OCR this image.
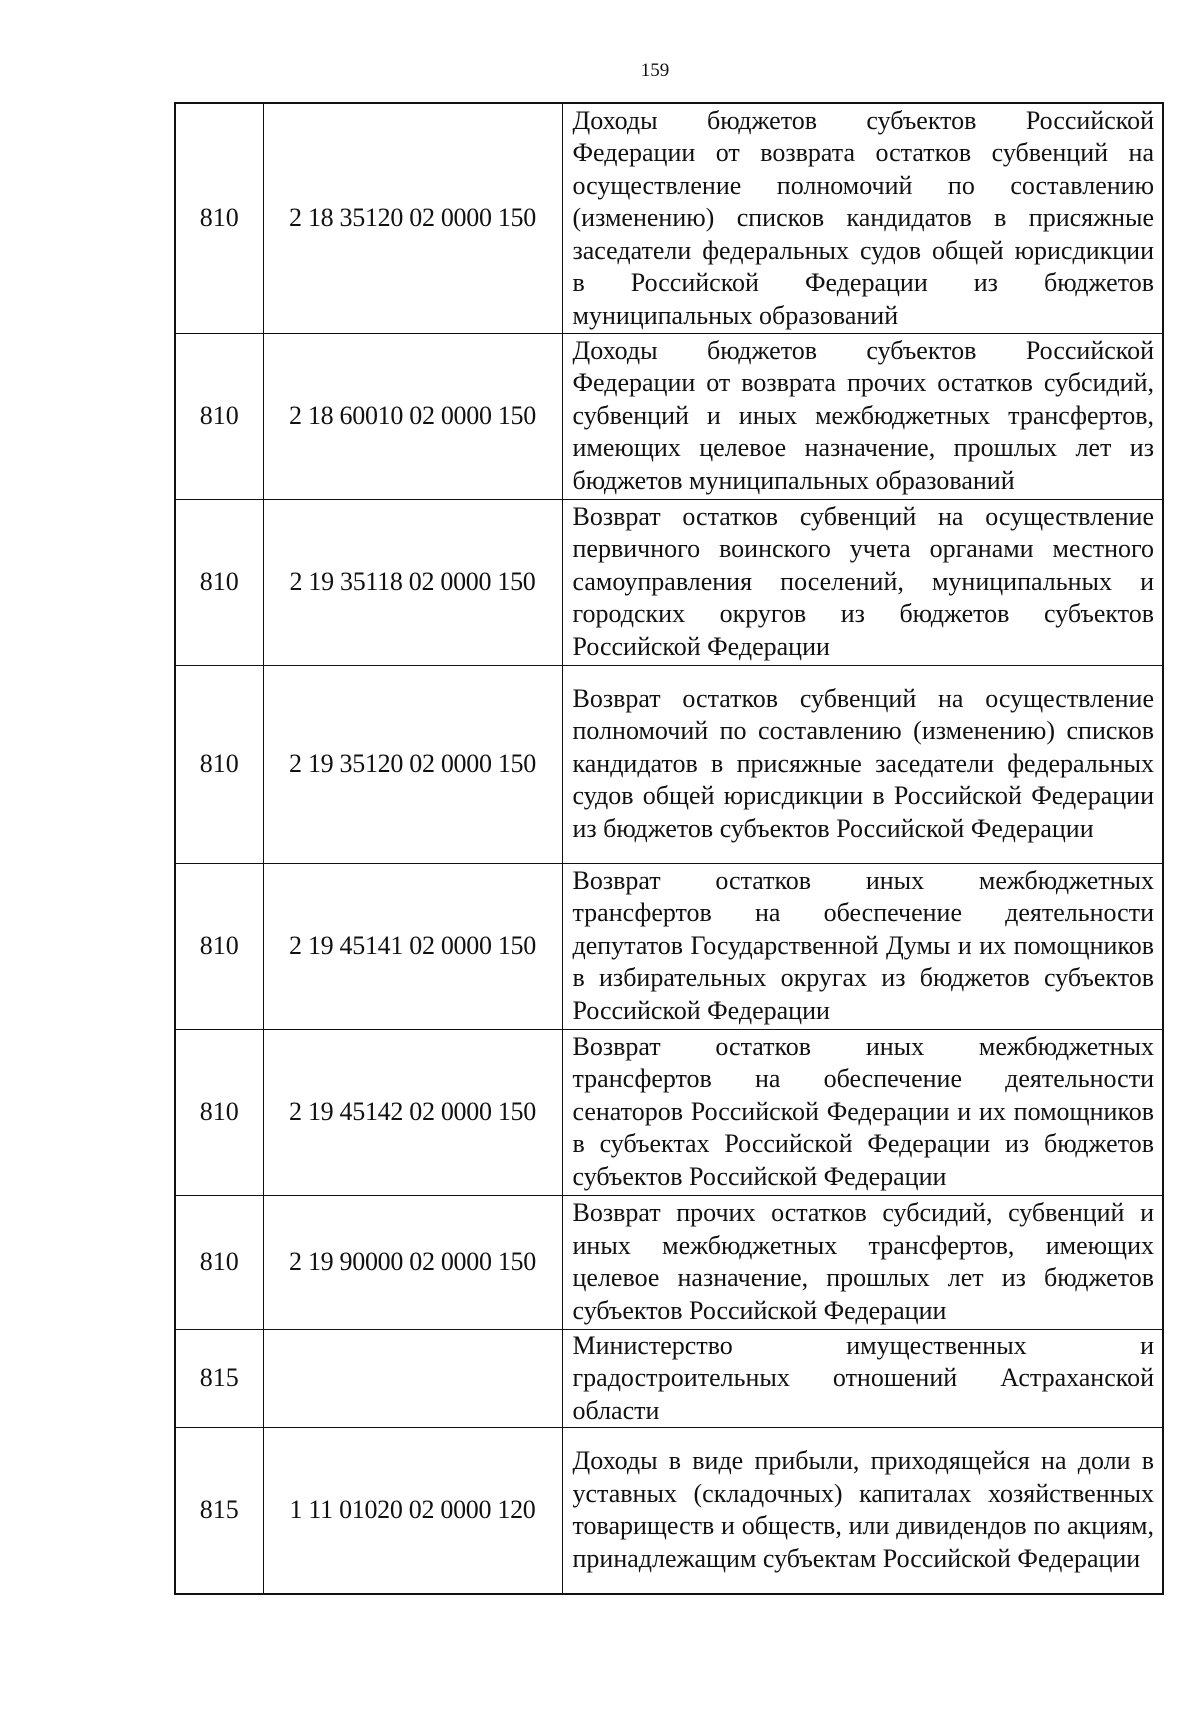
159
810	2 18 35120 02 0000 150	Доходы бюджетов субъектов Российской Федерации от возврата остатков субвенций на осуществление полномочий по составлению (изменению) списков кандидатов в присяжные заседатели федеральных судов общей юрисдикции в Российской Федерации из бюджетов муниципальных образований

810	2 18 60010 02 0000 150	Доходы бюджетов субъектов Российской Федерации от возврата прочих остатков субсидий, субвенций и иных межбюджетных трансфертов, имеющих целевое назначение, прошлых лет из бюджетов муниципальных образований

810	2 19 35118 02 0000 150	Возврат остатков субвенций на осуществление первичного воинского учета органами местного самоуправления поселений, муниципальных и городских округов из бюджетов субъектов Российской Федерации

810	2 19 35120 02 0000 150	Возврат остатков субвенций на осуществление полномочий по составлению (изменению) списков кандидатов в присяжные заседатели федеральных судов общей юрисдикции в Российской Федерации из бюджетов субъектов Российской Федерации

810	2 19 45141 02 0000 150	Возврат остатков иных межбюджетных трансфертов на обеспечение деятельности депутатов Государственной Думы и их помощников в избирательных округах из бюджетов субъектов Российской Федерации

810	2 19 45142 02 0000 150	Возврат остатков иных межбюджетных трансфертов на обеспечение деятельности сенаторов Российской Федерации и их помощников в субъектах Российской Федерации из бюджетов субъектов Российской Федерации

810	2 19 90000 02 0000 150	Возврат прочих остатков субсидий, субвенций и иных межбюджетных трансфертов, имеющих целевое назначение, прошлых лет из бюджетов субъектов Российской Федерации

815		Министерство имущественных и градостроительных отношений Астраханской области

815	1 11 01020 02 0000 120	Доходы в виде прибыли, приходящейся на доли в уставных (складочных) капиталах хозяйственных товариществ и обществ, или дивидендов по акциям, принадлежащим субъектам Российской Федерации
